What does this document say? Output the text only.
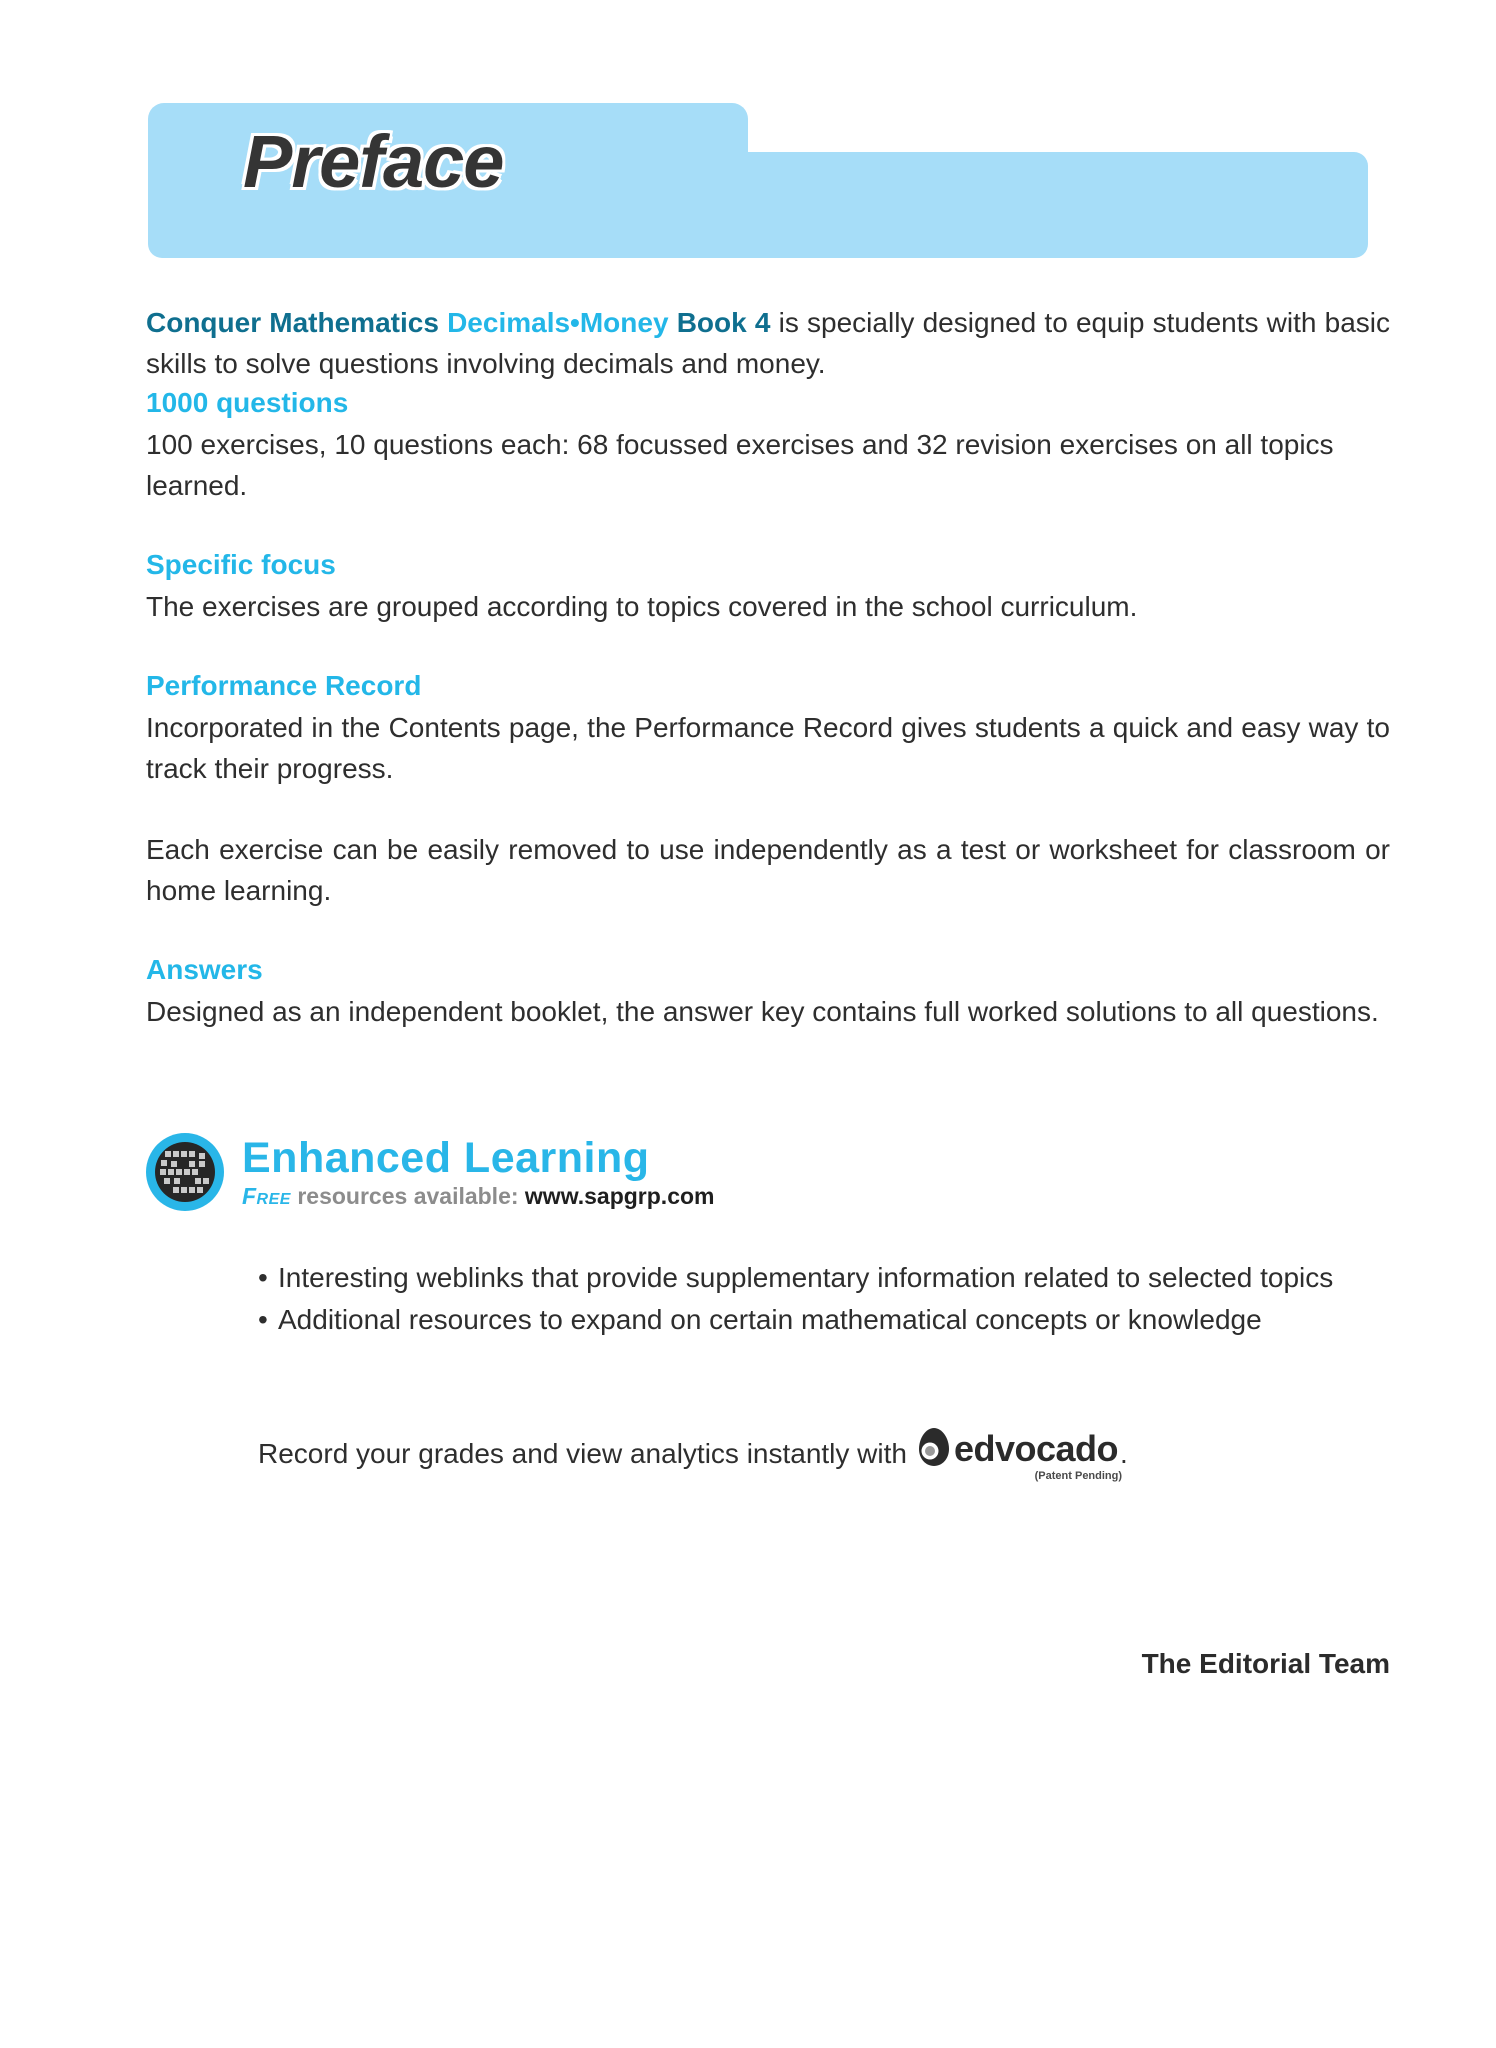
Preface

Conquer Mathematics Decimals•Money Book 4 is specially designed to equip students with basic skills to solve questions involving decimals and money.

1000 questions

100 exercises, 10 questions each: 68 focussed exercises and 32 revision exercises on all topics learned.

Specific focus

The exercises are grouped according to topics covered in the school curriculum.

Performance Record

Incorporated in the Contents page, the Performance Record gives students a quick and easy way to track their progress.

Each exercise can be easily removed to use independently as a test or worksheet for classroom or home learning.

Answers

Designed as an independent booklet, the answer key contains full worked solutions to all questions.

Enhanced Learning
Free resources available: www.sapgrp.com
• Interesting weblinks that provide supplementary information related to selected topics
• Additional resources to expand on certain mathematical concepts or knowledge
Record your grades and view analytics instantly with edvocado
(Patent Pending)
.
The Editorial Team
